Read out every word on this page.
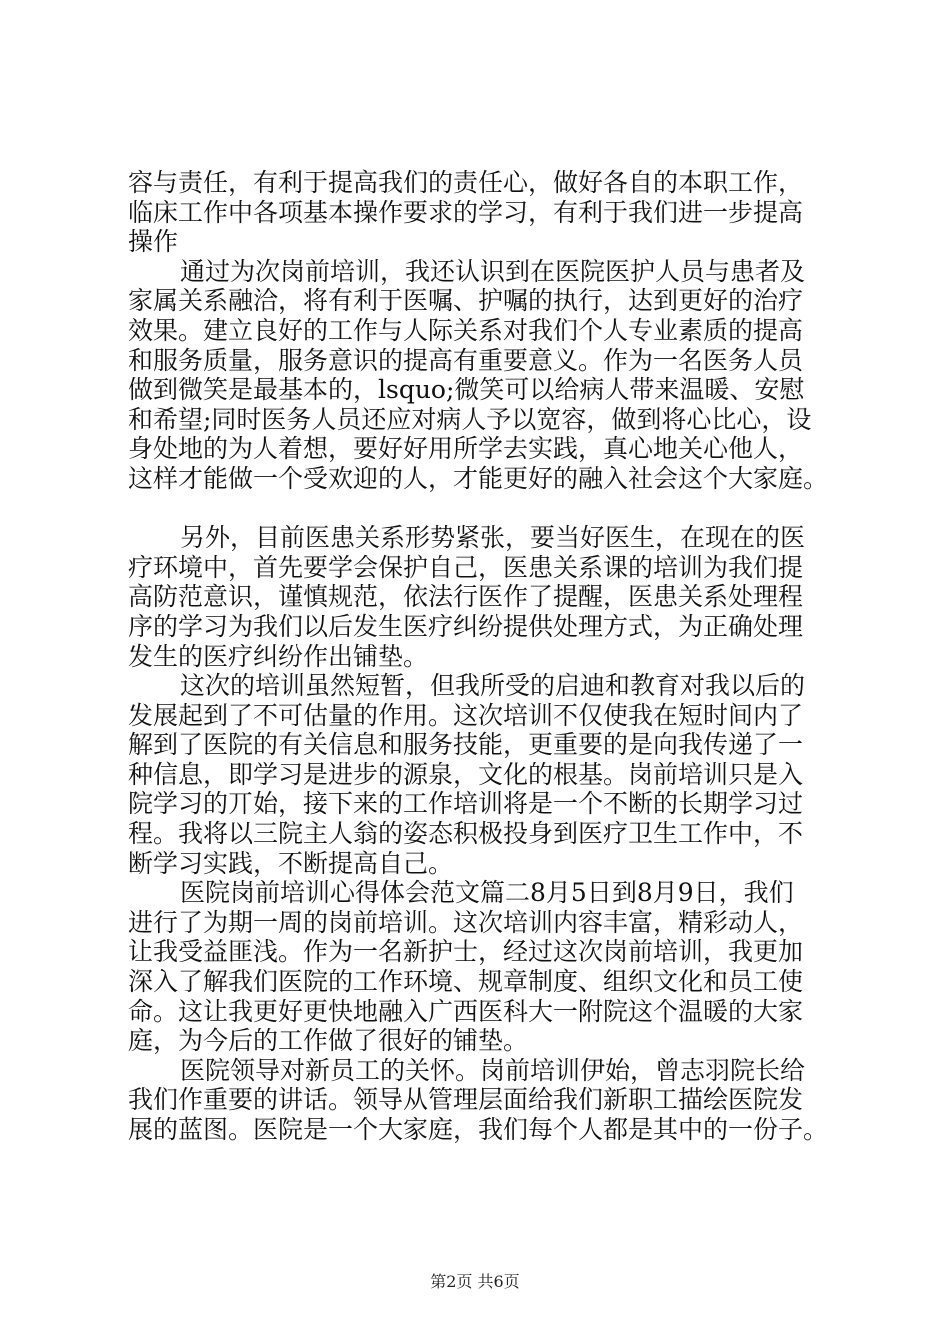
容与责任，有利于提高我们的责任心，做好各自的本职工作，
临床工作中各项基本操作要求的学习，有利于我们进一步提高
操作
通过为次岗前培训，我还认识到在医院医护人员与患者及
家属关系融洽，将有利于医嘱、护嘱的执行，达到更好的治疗
效果。建立良好的工作与人际关系对我们个人专业素质的提高
和服务质量，服务意识的提高有重要意义。作为一名医务人员
做到微笑是最基本的，lsquo;微笑可以给病人带来温暖、安慰
和希望;同时医务人员还应对病人予以宽容，做到将心比心，设
身处地的为人着想，要好好用所学去实践，真心地关心他人，
这样才能做一个受欢迎的人，才能更好的融入社会这个大家庭。
另外，目前医患关系形势紧张，要当好医生，在现在的医
疗环境中，首先要学会保护自己，医患关系课的培训为我们提
高防范意识，谨慎规范，依法行医作了提醒，医患关系处理程
序的学习为我们以后发生医疗纠纷提供处理方式，为正确处理
发生的医疗纠纷作出铺垫。
这次的培训虽然短暂，但我所受的启迪和教育对我以后的
发展起到了不可估量的作用。这次培训不仅使我在短时间内了
解到了医院的有关信息和服务技能，更重要的是向我传递了一
种信息，即学习是进步的源泉，文化的根基。岗前培训只是入
院学习的丌始，接下来的工作培训将是一个不断的长期学习过
程。我将以三院主人翁的姿态积极投身到医疗卫生工作中，不
断学习实践，不断提高自己。
医院岗前培训心得体会范文篇二8月5日到8月9日，我们
进行了为期一周的岗前培训。这次培训内容丰富，精彩动人，
让我受益匪浅。作为一名新护士，经过这次岗前培训，我更加
深入了解我们医院的工作环境、规章制度、组织文化和员工使
命。这让我更好更快地融入广西医科大一附院这个温暖的大家
庭，为今后的工作做了很好的铺垫。
医院领导对新员工的关怀。岗前培训伊始，曾志羽院长给
我们作重要的讲话。领导从管理层面给我们新职工描绘医院发
展的蓝图。医院是一个大家庭，我们每个人都是其中的一份子。
第2页 共6页
